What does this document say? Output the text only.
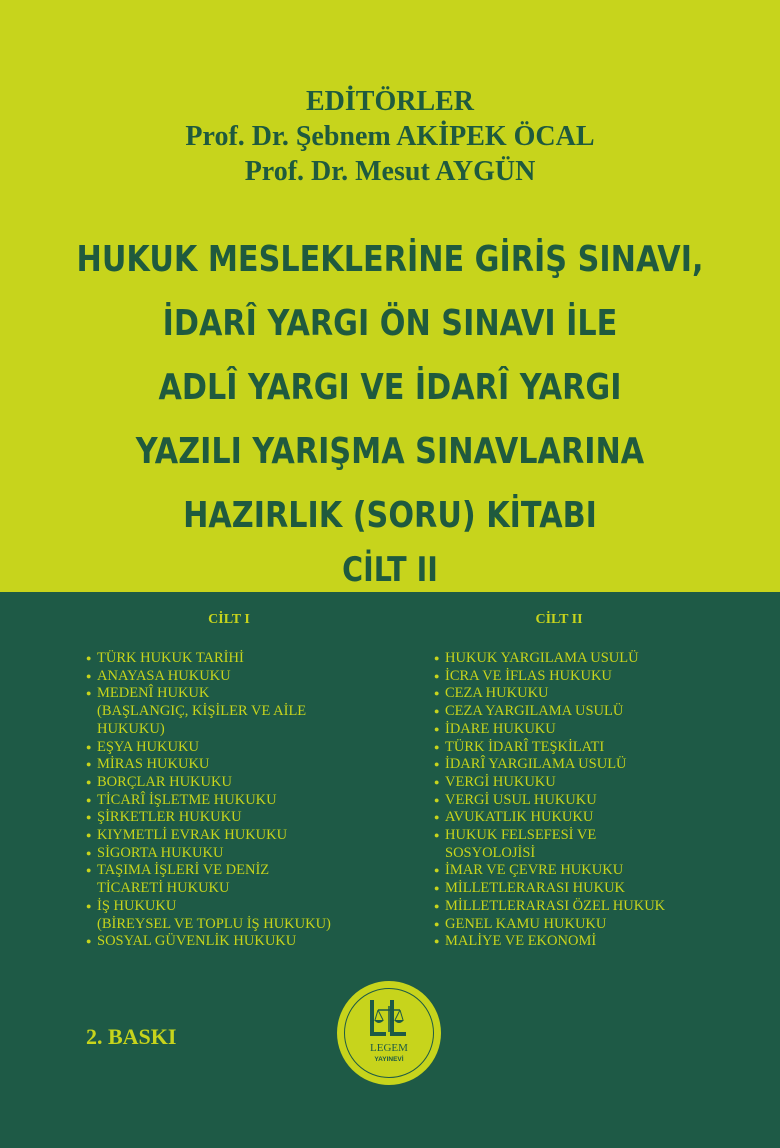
EDİTÖRLER
Prof. Dr. Şebnem AKİPEK ÖCAL
Prof. Dr. Mesut AYGÜN
HUKUK MESLEKLERİNE GİRİŞ SINAVI,
İDARÎ YARGI ÖN SINAVI İLE
ADLÎ YARGI VE İDARÎ YARGI
YAZILI YARIŞMA SINAVLARINA
HAZIRLIK (SORU) KİTABI
CİLT II
CİLT I
● TÜRK HUKUK TARİHİ
● ANAYASA HUKUKU
● MEDENÎ HUKUK
(BAŞLANGIÇ, KİŞİLER VE AİLE
HUKUKU)
● EŞYA HUKUKU
● MİRAS HUKUKU
● BORÇLAR HUKUKU
● TİCARÎ İŞLETME HUKUKU
● ŞİRKETLER HUKUKU
● KIYMETLİ EVRAK HUKUKU
● SİGORTA HUKUKU
● TAŞIMA İŞLERİ VE DENİZ
TİCARETİ HUKUKU
● İŞ HUKUKU
(BİREYSEL VE TOPLU İŞ HUKUKU)
● SOSYAL GÜVENLİK HUKUKU
CİLT II
● HUKUK YARGILAMA USULÜ
● İCRA VE İFLAS HUKUKU
● CEZA HUKUKU
● CEZA YARGILAMA USULÜ
● İDARE HUKUKU
● TÜRK İDARÎ TEŞKİLATI
● İDARÎ YARGILAMA USULÜ
● VERGİ HUKUKU
● VERGİ USUL HUKUKU
● AVUKATLIK HUKUKU
● HUKUK FELSEFESİ VE
SOSYOLOJİSİ
● İMAR VE ÇEVRE HUKUKU
● MİLLETLERARASI HUKUK
● MİLLETLERARASI ÖZEL HUKUK
● GENEL KAMU HUKUKU
● MALİYE VE EKONOMİ
2. BASKI	LEGEM
YAYINEVİ
